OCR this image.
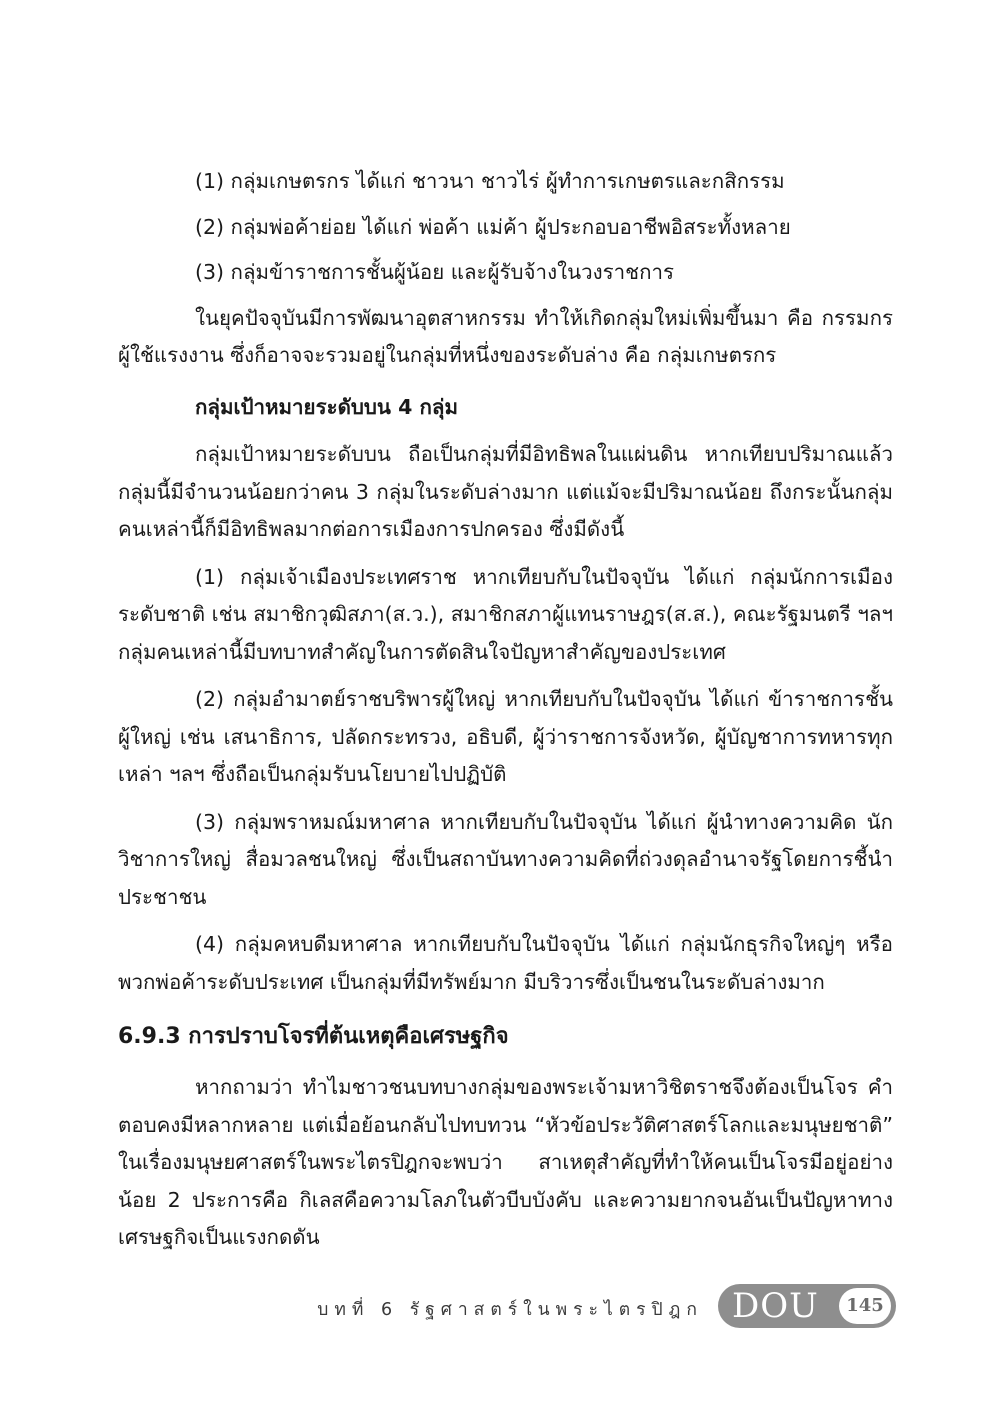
(1) กลุ่มเกษตรกร ได้แก่ ชาวนา ชาวไร่ ผู้ทำการเกษตรและกสิกรรม

(2) กลุ่มพ่อค้าย่อย ได้แก่ พ่อค้า แม่ค้า ผู้ประกอบอาชีพอิสระทั้งหลาย

(3) กลุ่มข้าราชการชั้นผู้น้อย และผู้รับจ้างในวงราชการ

ในยุคปัจจุบันมีการพัฒนาอุตสาหกรรม ทำให้เกิดกลุ่มใหม่เพิ่มขึ้นมา คือ กรรมกร ผู้ใช้แรงงาน ซึ่งก็อาจจะรวมอยู่ในกลุ่มที่หนึ่งของระดับล่าง คือ กลุ่มเกษตรกร

กลุ่มเป้าหมายระดับบน 4 กลุ่ม

กลุ่มเป้าหมายระดับบน ถือเป็นกลุ่มที่มีอิทธิพลในแผ่นดิน หากเทียบปริมาณแล้ว กลุ่มนี้มีจำนวนน้อยกว่าคน 3 กลุ่มในระดับล่างมาก แต่แม้จะมีปริมาณน้อย ถึงกระนั้นกลุ่มคนเหล่านี้ก็มีอิทธิพลมากต่อการเมืองการปกครอง ซึ่งมีดังนี้

(1) กลุ่มเจ้าเมืองประเทศราช หากเทียบกับในปัจจุบัน ได้แก่ กลุ่มนักการเมืองระดับชาติ เช่น สมาชิกวุฒิสภา(ส.ว.), สมาชิกสภาผู้แทนราษฎร(ส.ส.), คณะรัฐมนตรี ฯลฯ กลุ่มคนเหล่านี้มีบทบาทสำคัญในการตัดสินใจปัญหาสำคัญของประเทศ

(2) กลุ่มอำมาตย์ราชบริพารผู้ใหญ่ หากเทียบกับในปัจจุบัน ได้แก่ ข้าราชการชั้นผู้ใหญ่ เช่น เสนาธิการ, ปลัดกระทรวง, อธิบดี, ผู้ว่าราชการจังหวัด, ผู้บัญชาการทหารทุกเหล่า ฯลฯ ซึ่งถือเป็นกลุ่มรับนโยบายไปปฏิบัติ

(3) กลุ่มพราหมณ์มหาศาล หากเทียบกับในปัจจุบัน ได้แก่ ผู้นำทางความคิด นักวิชาการใหญ่ สื่อมวลชนใหญ่ ซึ่งเป็นสถาบันทางความคิดที่ถ่วงดุลอำนาจรัฐโดยการชี้นำประชาชน

(4) กลุ่มคหบดีมหาศาล หากเทียบกับในปัจจุบัน ได้แก่ กลุ่มนักธุรกิจใหญ่ๆ หรือ พวกพ่อค้าระดับประเทศ เป็นกลุ่มที่มีทรัพย์มาก มีบริวารซึ่งเป็นชนในระดับล่างมาก

6.9.3 การปราบโจรที่ต้นเหตุคือเศรษฐกิจ

หากถามว่า ทำไมชาวชนบทบางกลุ่มของพระเจ้ามหาวิชิตราชจึงต้องเป็นโจร คำตอบคงมีหลากหลาย แต่เมื่อย้อนกลับไปทบทวน “หัวข้อประวัติศาสตร์โลกและมนุษยชาติ” ในเรื่องมนุษยศาสตร์ในพระไตรปิฎกจะพบว่า สาเหตุสำคัญที่ทำให้คนเป็นโจรมีอยู่อย่างน้อย 2 ประการคือ กิเลสคือความโลภในตัวบีบบังคับ และความยากจนอันเป็นปัญหาทางเศรษฐกิจเป็นแรงกดดัน

บทที่ 6 รัฐศาสตร์ในพระไตรปิฎก DOU	145
